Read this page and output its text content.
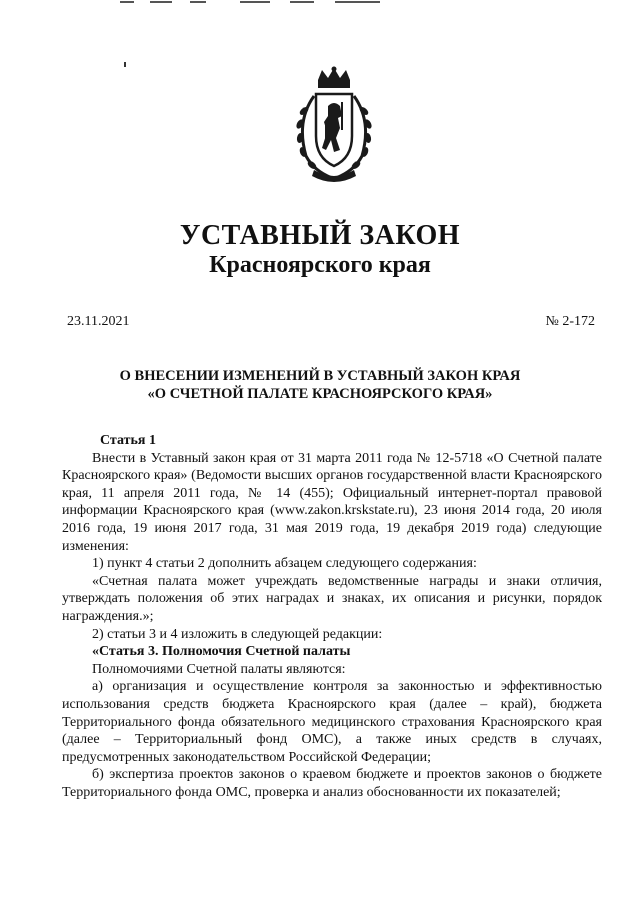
УСТАВНЫЙ ЗАКОН
Красноярского края
23.11.2021	№ 2-172
О ВНЕСЕНИИ ИЗМЕНЕНИЙ В УСТАВНЫЙ ЗАКОН КРАЯ
«О СЧЕТНОЙ ПАЛАТЕ КРАСНОЯРСКОГО КРАЯ»

Статья 1

Внести в Уставный закон края от 31 марта 2011 года № 12-5718 «О Счетной палате Красноярского края» (Ведомости высших органов государственной власти Красноярского края, 11 апреля 2011 года, № 14 (455); Официальный интернет-портал правовой информации Красноярского края (www.zakon.krskstate.ru), 23 июня 2014 года, 20 июля 2016 года, 19 июня 2017 года, 31 мая 2019 года, 19 декабря 2019 года) следующие изменения:

1) пункт 4 статьи 2 дополнить абзацем следующего содержания:

«Счетная палата может учреждать ведомственные награды и знаки отличия, утверждать положения об этих наградах и знаках, их описания и рисунки, порядок награждения.»;

2) статьи 3 и 4 изложить в следующей редакции:

«Статья 3. Полномочия Счетной палаты

Полномочиями Счетной палаты являются:

а) организация и осуществление контроля за законностью и эффективностью использования средств бюджета Красноярского края (далее – край), бюджета Территориального фонда обязательного медицинского страхования Красноярского края (далее – Территориальный фонд ОМС), а также иных средств в случаях, предусмотренных законодательством Российской Федерации;

б) экспертиза проектов законов о краевом бюджете и проектов законов о бюджете Территориального фонда ОМС, проверка и анализ обоснованности их показателей;
